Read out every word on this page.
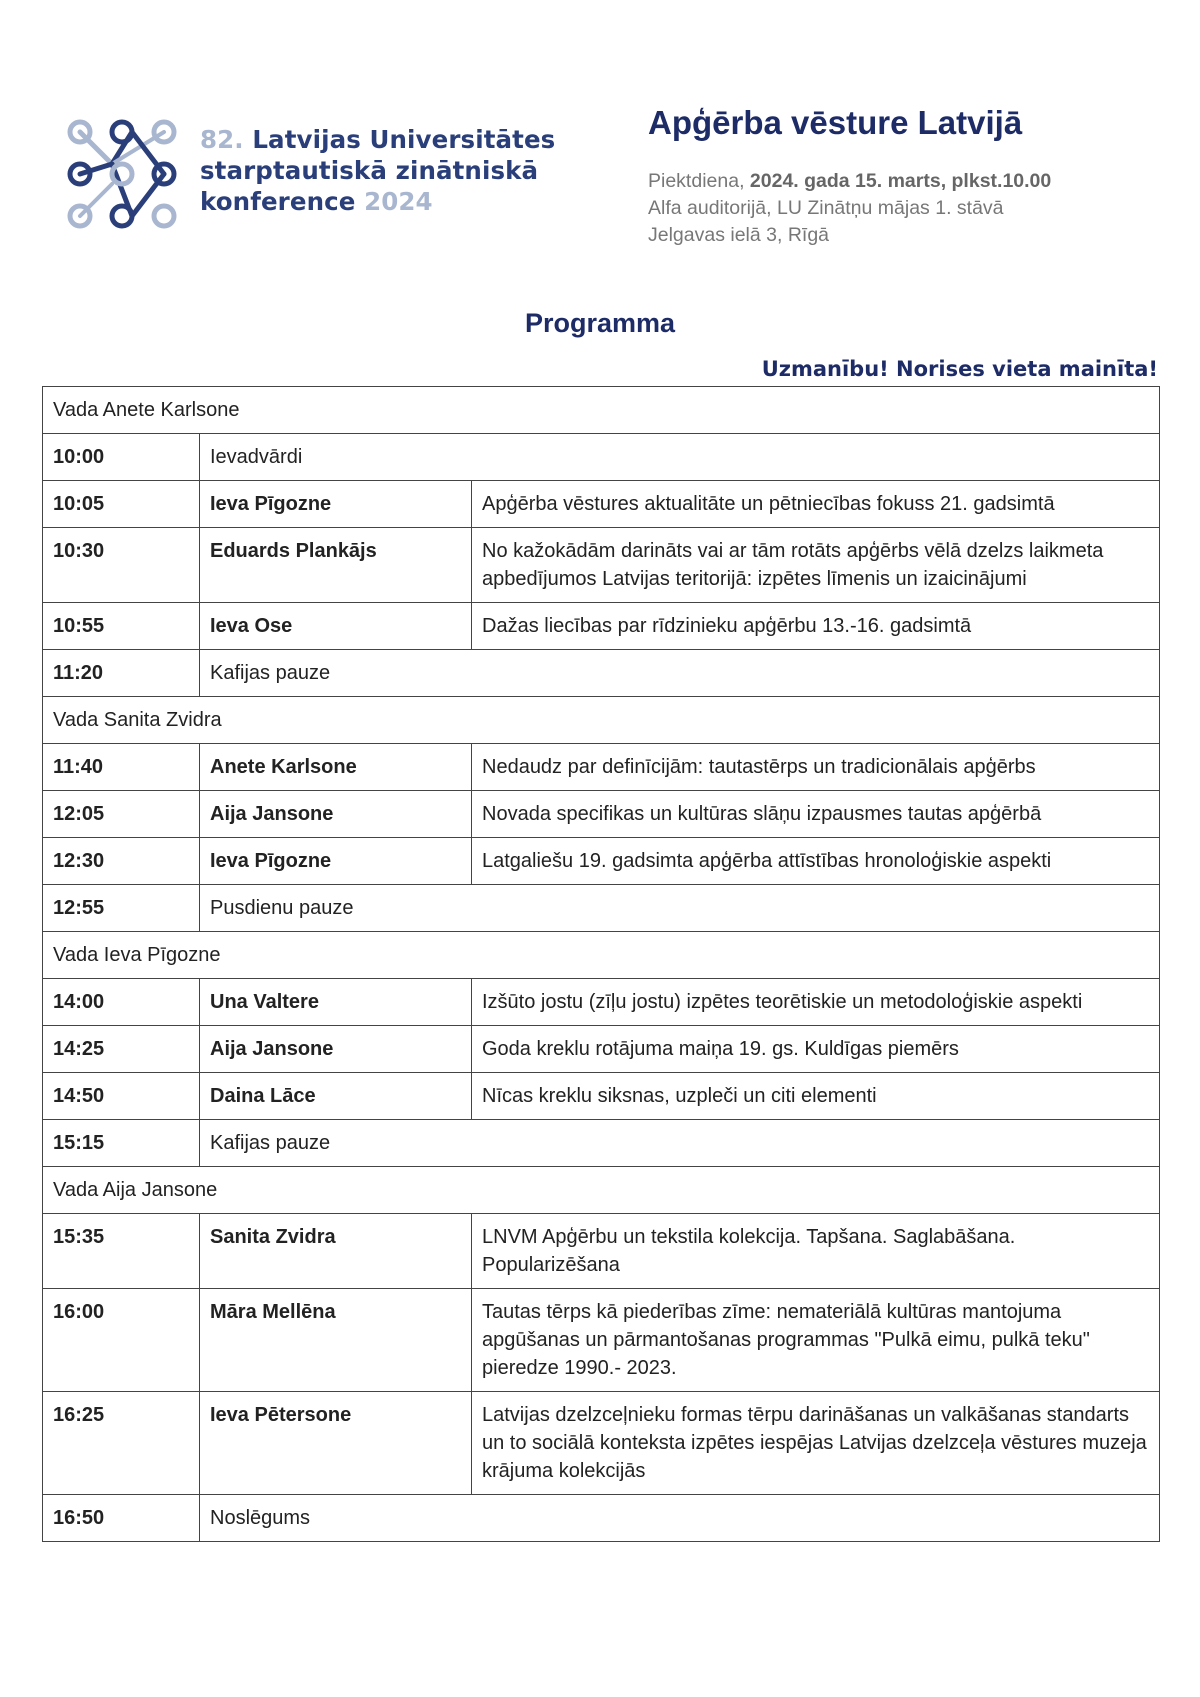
82. Latvijas Universitātes
starptautiskā zinātniskā
konference 2024
Apģērba vēsture Latvijā
Piektdiena, 2024. gada 15. marts, plkst.10.00
Alfa auditorijā, LU Zinātņu mājas 1. stāvā
Jelgavas ielā 3, Rīgā
Programma
Uzmanību! Norises vieta mainīta!
Vada Anete Karlsone		
10:00	Ievadvārdi	
10:05	Ieva Pīgozne	Apģērba vēstures aktualitāte un pētniecības fokuss 21. gadsimtā
10:30	Eduards Plankājs	No kažokādām darināts vai ar tām rotāts apģērbs vēlā dzelzs laikmeta apbedījumos Latvijas teritorijā: izpētes līmenis un izaicinājumi
10:55	Ieva Ose	Dažas liecības par rīdzinieku apģērbu 13.-16. gadsimtā
11:20	Kafijas pauze	
Vada Sanita Zvidra		
11:40	Anete Karlsone	Nedaudz par definīcijām: tautastērps un tradicionālais apģērbs
12:05	Aija Jansone	Novada specifikas un kultūras slāņu izpausmes tautas apģērbā
12:30	Ieva Pīgozne	Latgaliešu 19. gadsimta apģērba attīstības hronoloģiskie aspekti
12:55	Pusdienu pauze	
Vada Ieva Pīgozne		
14:00	Una Valtere	Izšūto jostu (zīļu jostu) izpētes teorētiskie un metodoloģiskie aspekti
14:25	Aija Jansone	Goda kreklu rotājuma maiņa 19. gs. Kuldīgas piemērs
14:50	Daina Lāce	Nīcas kreklu siksnas, uzpleči un citi elementi
15:15	Kafijas pauze	
Vada Aija Jansone		
15:35	Sanita Zvidra	LNVM Apģērbu un tekstila kolekcija. Tapšana. Saglabāšana. Popularizēšana
16:00	Māra Mellēna	Tautas tērps kā piederības zīme: nemateriālā kultūras mantojuma apgūšanas un pārmantošanas programmas "Pulkā eimu, pulkā teku" pieredze 1990.- 2023.
16:25	Ieva Pētersone	Latvijas dzelzceļnieku formas tērpu darināšanas un valkāšanas standarts un to sociālā konteksta izpētes iespējas Latvijas dzelzceļa vēstures muzeja krājuma kolekcijās
16:50	Noslēgums	
